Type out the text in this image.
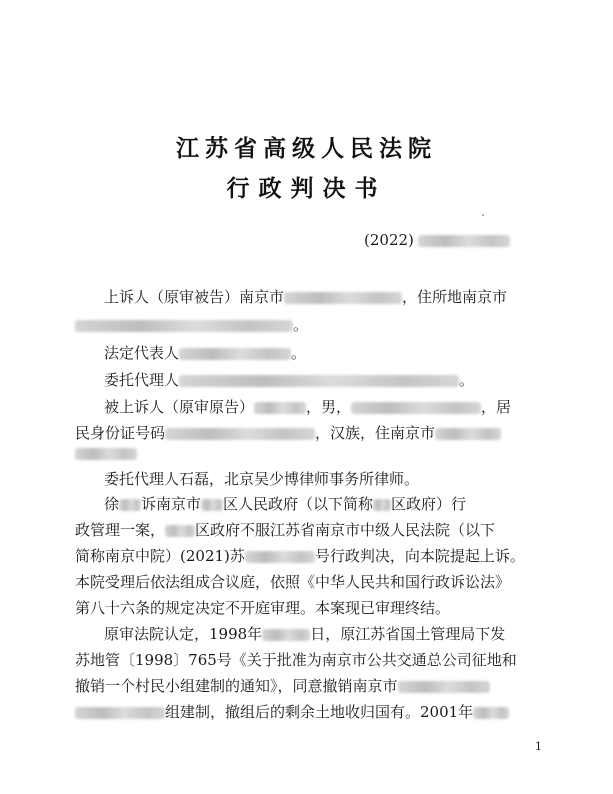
江苏省高级人民法院
行政判决书
(2022)
上诉人（原审被告）南京市	，住所地南京市
。
法定代表人	。
委托代理人	。
被上诉人（原审原告）	，男，	，居
民身份证号码	，汉族，住南京市
委托代理人石磊，北京吴少博律师事务所律师。
徐 诉南京市 区人民政府（以下简称 区政府）行
政管理一案， 区政府不服江苏省南京市中级人民法院（以下
简称南京中院）(2021)苏	号行政判决，向本院提起上诉。
本院受理后依法组成合议庭，依照《中华人民共和国行政诉讼法》
第八十六条的规定决定不开庭审理。本案现已审理终结。
原审法院认定，1998年	日，原江苏省国土管理局下发
苏地管〔1998〕765号《关于批准为南京市公共交通总公司征地和
撤销一个村民小组建制的通知》，同意撤销南京市
组建制，撤组后的剩余土地收归国有。2001年
1
